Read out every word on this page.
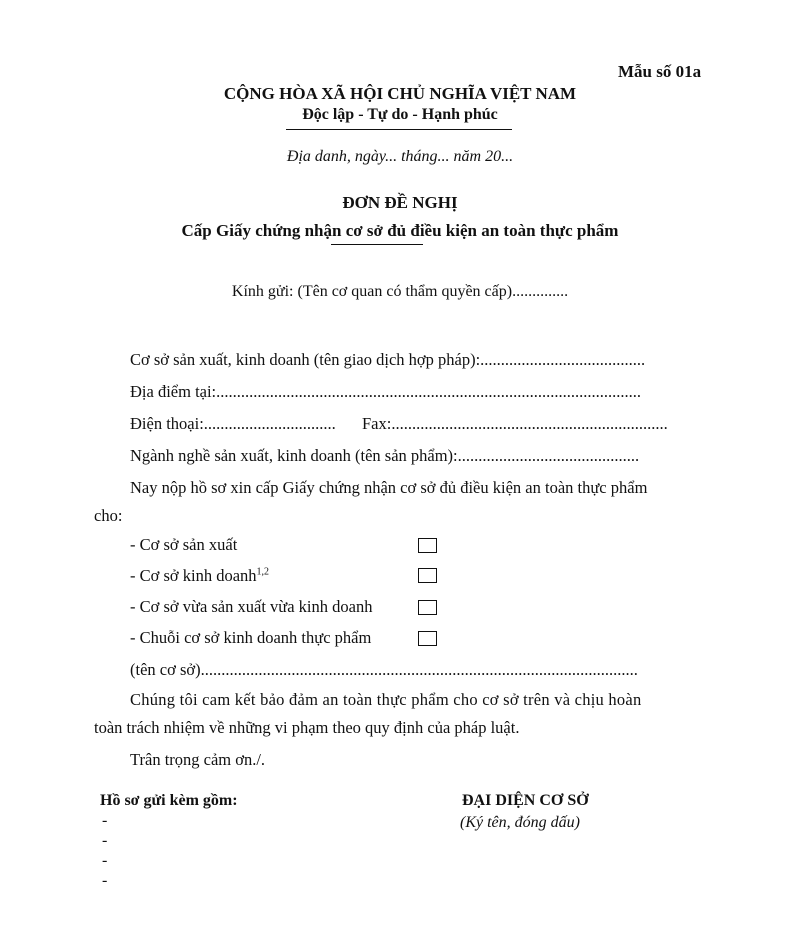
Mẫu số 01a
CỘNG HÒA XÃ HỘI CHỦ NGHĨA VIỆT NAM
Độc lập - Tự do - Hạnh phúc
Địa danh, ngày... tháng... năm 20...
ĐƠN ĐỀ NGHỊ
Cấp Giấy chứng nhận cơ sở đủ điều kiện an toàn thực phẩm
Kính gửi: (Tên cơ quan có thẩm quyền cấp)..............
Cơ sở sản xuất, kinh doanh (tên giao dịch hợp pháp):........................................
Địa điểm tại:.......................................................................................................
Điện thoại:................................ Fax:...................................................................
Ngành nghề sản xuất, kinh doanh (tên sản phẩm):............................................
Nay nộp hồ sơ xin cấp Giấy chứng nhận cơ sở đủ điều kiện an toàn thực phẩm
cho:
- Cơ sở sản xuất
- Cơ sở kinh doanh$^{1,2}$
- Cơ sở vừa sản xuất vừa kinh doanh
- Chuỗi cơ sở kinh doanh thực phẩm
(tên cơ sở)..........................................................................................................
Chúng tôi cam kết bảo đảm an toàn thực phẩm cho cơ sở trên và chịu hoàn
toàn trách nhiệm về những vi phạm theo quy định của pháp luật.
Trân trọng cảm ơn./.
Hồ sơ gửi kèm gồm:
-
-
-
-
ĐẠI DIỆN CƠ SỞ
(Ký tên, đóng dấu)
